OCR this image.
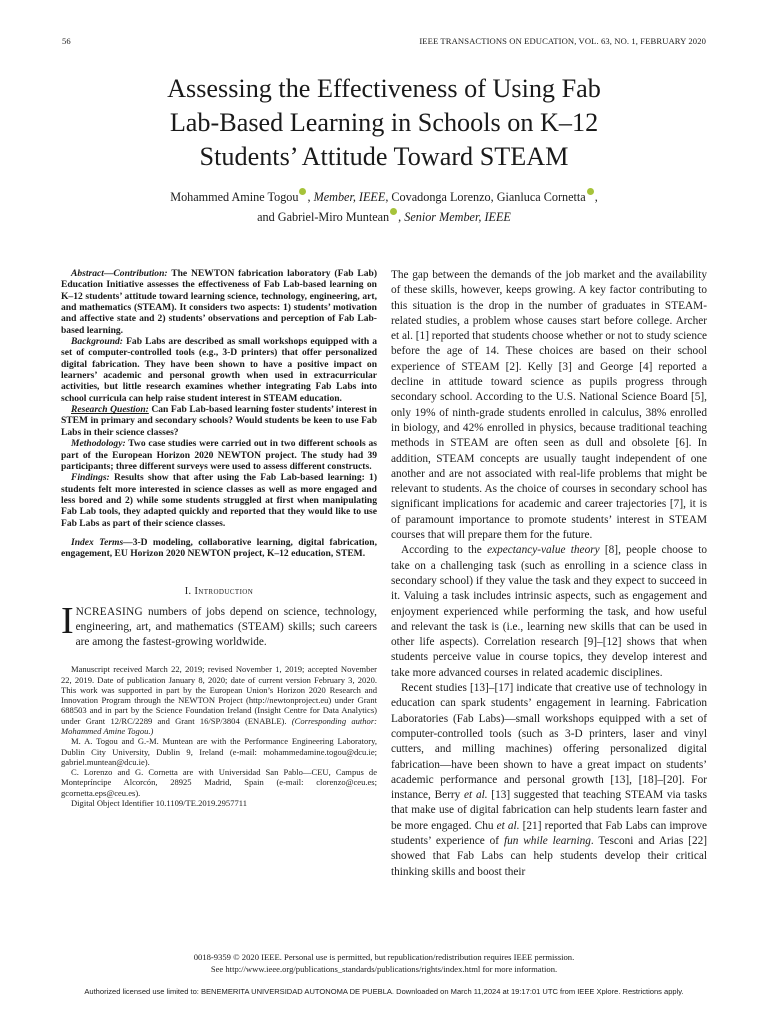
56	IEEE TRANSACTIONS ON EDUCATION, VOL. 63, NO. 1, FEBRUARY 2020
Assessing the Effectiveness of Using Fab
Lab-Based Learning in Schools on K–12
Students’ Attitude Toward STEAM
Mohammed Amine Togou , Member, IEEE, Covadonga Lorenzo, Gianluca Cornetta ,
and Gabriel-Miro Muntean , Senior Member, IEEE

Abstract—Contribution: The NEWTON fabrication laboratory (Fab Lab) Education Initiative assesses the effectiveness of Fab Lab-based learning on K–12 students’ attitude toward learning science, technology, engineering, art, and mathematics (STEAM). It considers two aspects: 1) students’ motivation and affective state and 2) students’ observations and perception of Fab Lab-based learning.

Background: Fab Labs are described as small workshops equipped with a set of computer-controlled tools (e.g., 3-D printers) that offer personalized digital fabrication. They have been shown to have a positive impact on learners’ academic and personal growth when used in extracurricular activities, but little research examines whether integrating Fab Labs into school curricula can help raise student interest in STEAM education.

Research Question: Can Fab Lab-based learning foster students’ interest in STEM in primary and secondary schools? Would students be keen to use Fab Labs in their science classes?

Methodology: Two case studies were carried out in two different schools as part of the European Horizon 2020 NEWTON project. The study had 39 participants; three different surveys were used to assess different constructs.

Findings: Results show that after using the Fab Lab-based learning: 1) students felt more interested in science classes as well as more engaged and less bored and 2) while some students struggled at first when manipulating Fab Lab tools, they adapted quickly and reported that they would like to use Fab Labs as part of their science classes.

Index Terms—3-D modeling, collaborative learning, digital fabrication, engagement, EU Horizon 2020 NEWTON project, K–12 education, STEM.

I. Introduction

INCREASING numbers of jobs depend on science, technology, engineering, art, and mathematics (STEAM) skills; such careers are among the fastest-growing worldwide.

Manuscript received March 22, 2019; revised November 1, 2019; accepted November 22, 2019. Date of publication January 8, 2020; date of current version February 3, 2020. This work was supported in part by the European Union’s Horizon 2020 Research and Innovation Program through the NEWTON Project (http://newtonproject.eu) under Grant 688503 and in part by the Science Foundation Ireland (Insight Centre for Data Analytics) under Grant 12/RC/2289 and Grant 16/SP/3804 (ENABLE). (Corresponding author: Mohammed Amine Togou.)

M. A. Togou and G.-M. Muntean are with the Performance Engineering Laboratory, Dublin City University, Dublin 9, Ireland (e-mail: mohammedamine.togou@dcu.ie; gabriel.muntean@dcu.ie).

C. Lorenzo and G. Cornetta are with Universidad San Pablo—CEU, Campus de Montepríncipe Alcorcón, 28925 Madrid, Spain (e-mail: clorenzo@ceu.es; gcornetta.eps@ceu.es).

Digital Object Identifier 10.1109/TE.2019.2957711

The gap between the demands of the job market and the availability of these skills, however, keeps growing. A key factor contributing to this situation is the drop in the number of graduates in STEAM-related studies, a problem whose causes start before college. Archer et al. [1] reported that students choose whether or not to study science before the age of 14. These choices are based on their school experience of STEAM [2]. Kelly [3] and George [4] reported a decline in attitude toward science as pupils progress through secondary school. According to the U.S. National Science Board [5], only 19% of ninth-grade students enrolled in calculus, 38% enrolled in biology, and 42% enrolled in physics, because traditional teaching methods in STEAM are often seen as dull and obsolete [6]. In addition, STEAM concepts are usually taught independent of one another and are not associated with real-life problems that might be relevant to students. As the choice of courses in secondary school has significant implications for academic and career trajectories [7], it is of paramount importance to promote students’ interest in STEAM courses that will prepare them for the future.

According to the expectancy-value theory [8], people choose to take on a challenging task (such as enrolling in a science class in secondary school) if they value the task and they expect to succeed in it. Valuing a task includes intrinsic aspects, such as engagement and enjoyment experienced while performing the task, and how useful and relevant the task is (i.e., learning new skills that can be used in other life aspects). Correlation research [9]–[12] shows that when students perceive value in course topics, they develop interest and take more advanced courses in related academic disciplines.

Recent studies [13]–[17] indicate that creative use of technology in education can spark students’ engagement in learning. Fabrication Laboratories (Fab Labs)—small workshops equipped with a set of computer-controlled tools (such as 3-D printers, laser and vinyl cutters, and milling machines) offering personalized digital fabrication—have been shown to have a great impact on students’ academic performance and personal growth [13], [18]–[20]. For instance, Berry et al. [13] suggested that teaching STEAM via tasks that make use of digital fabrication can help students learn faster and be more engaged. Chu et al. [21] reported that Fab Labs can improve students’ experience of fun while learning. Tesconi and Arias [22] showed that Fab Labs can help students develop their critical thinking skills and boost their

0018-9359 © 2020 IEEE. Personal use is permitted, but republication/redistribution requires IEEE permission.
See http://www.ieee.org/publications_standards/publications/rights/index.html for more information.
Authorized licensed use limited to: BENEMERITA UNIVERSIDAD AUTONOMA DE PUEBLA. Downloaded on March 11,2024 at 19:17:01 UTC from IEEE Xplore. Restrictions apply.
